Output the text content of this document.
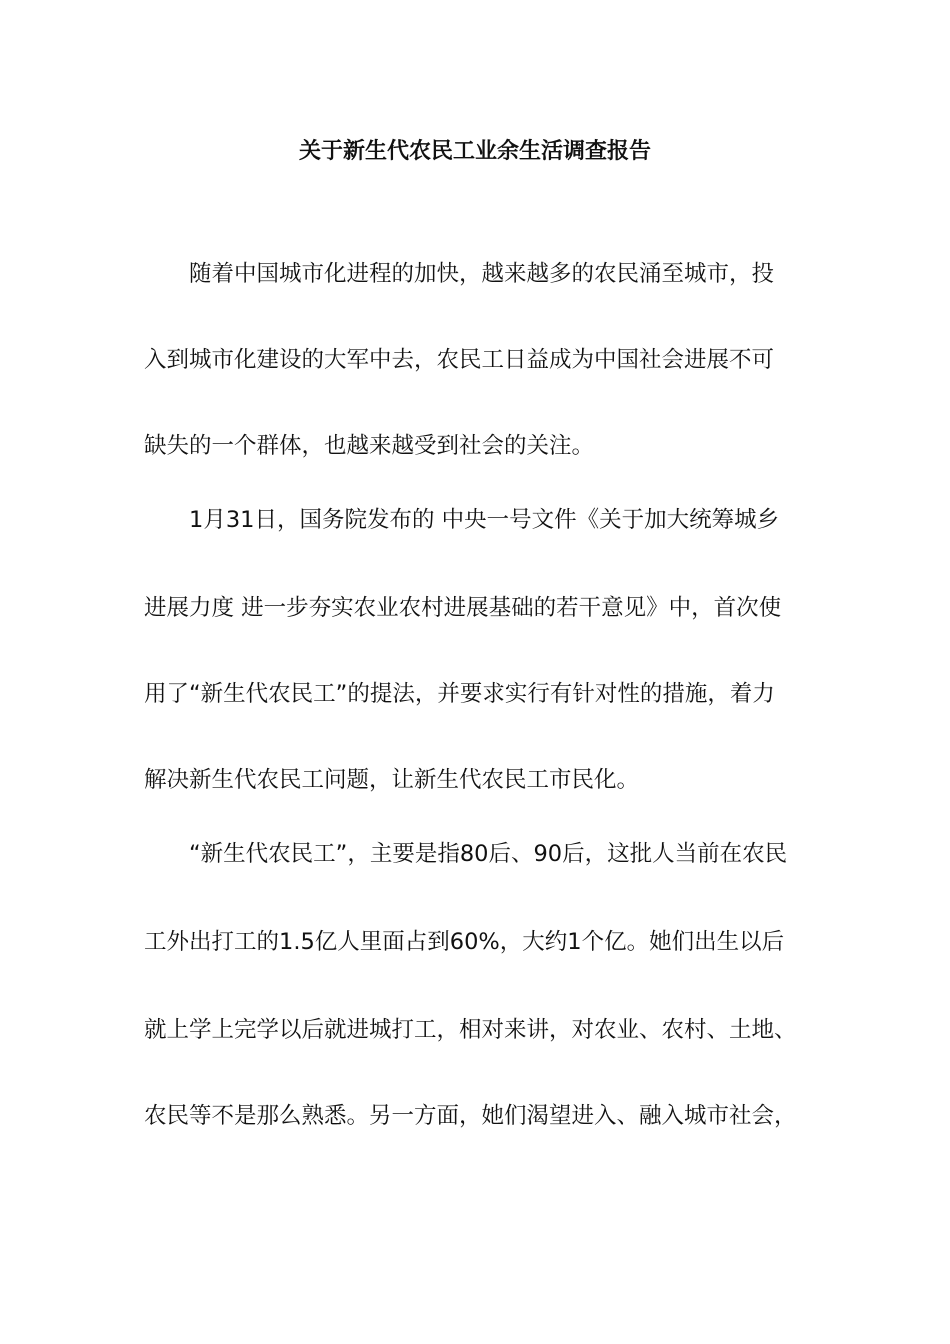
关于新生代农民工业余生活调查报告
随着中国城市化进程的加快，越来越多的农民涌至城市，投
入到城市化建设的大军中去，农民工日益成为中国社会进展不可
缺失的一个群体，也越来越受到社会的关注。
1月31日，国务院发布的 中央一号文件《关于加大统筹城乡
进展力度 进一步夯实农业农村进展基础的若干意见》中，首次使
用了“新生代农民工”的提法，并要求实行有针对性的措施，着力
解决新生代农民工问题，让新生代农民工市民化。
“新生代农民工”，主要是指80后、90后，这批人当前在农民
工外出打工的1.5亿人里面占到60%，大约1个亿。她们出生以后
就上学上完学以后就进城打工，相对来讲，对农业、农村、土地、
农民等不是那么熟悉。另一方面，她们渴望进入、融入城市社会，
